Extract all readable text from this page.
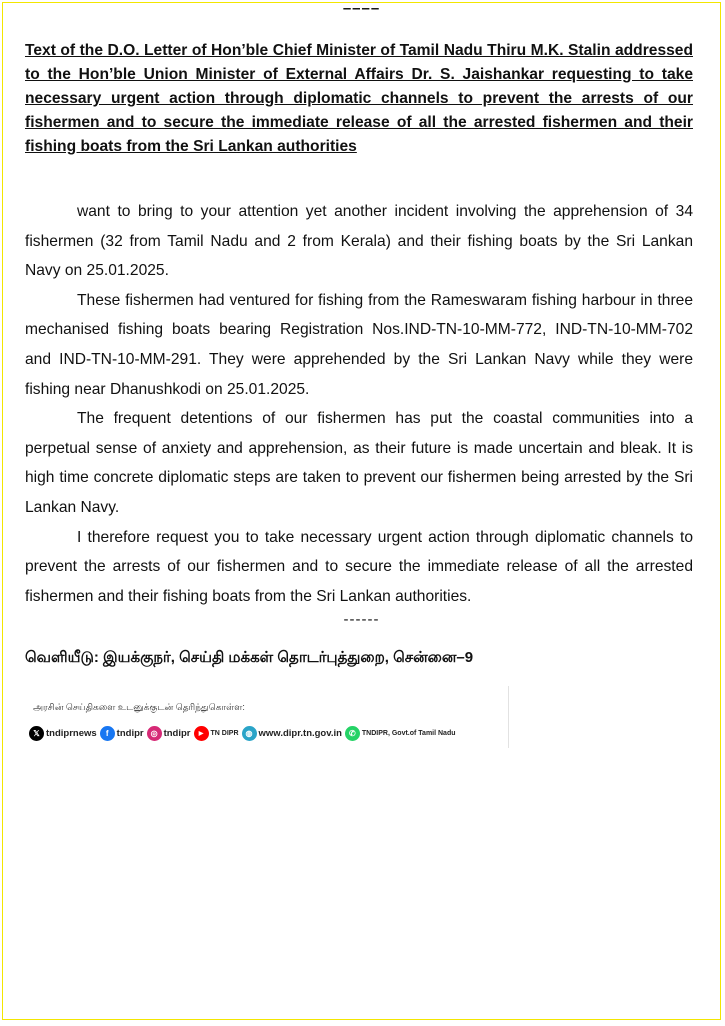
––––

Text of the D.O. Letter of Hon’ble Chief Minister of Tamil Nadu Thiru M.K. Stalin addressed to the Hon’ble Union Minister of External Affairs Dr. S. Jaishankar requesting to take necessary urgent action through diplomatic channels to prevent the arrests of our fishermen and to secure the immediate release of all the arrested fishermen and their fishing boats from the Sri Lankan authorities

want to bring to your attention yet another incident involving the apprehension of 34 fishermen (32 from Tamil Nadu and 2 from Kerala) and their fishing boats by the Sri Lankan Navy on 25.01.2025.

These fishermen had ventured for fishing from the Rameswaram fishing harbour in three mechanised fishing boats bearing Registration Nos.IND-TN-10-MM-772, IND-TN-10-MM-702 and IND-TN-10-MM-291. They were apprehended by the Sri Lankan Navy while they were fishing near Dhanushkodi on 25.01.2025.

The frequent detentions of our fishermen has put the coastal communities into a perpetual sense of anxiety and apprehension, as their future is made uncertain and bleak. It is high time concrete diplomatic steps are taken to prevent our fishermen being arrested by the Sri Lankan Navy.

I therefore request you to take necessary urgent action through diplomatic channels to prevent the arrests of our fishermen and to secure the immediate release of all the arrested fishermen and their fishing boats from the Sri Lankan authorities.

------
வெளியீடு: இயக்குநர், செய்தி மக்கள் தொடர்புத்துறை, சென்னை–9
அரசின் செய்திகளை உடனுக்குடன் தெரிந்துகொள்ள:
𝕏 tndiprnews	f tndipr ◎ tndipr	▶	TN DIPR ◍ www.dipr.tn.gov.in ✆ TNDIPR, Govt.of Tamil Nadu
